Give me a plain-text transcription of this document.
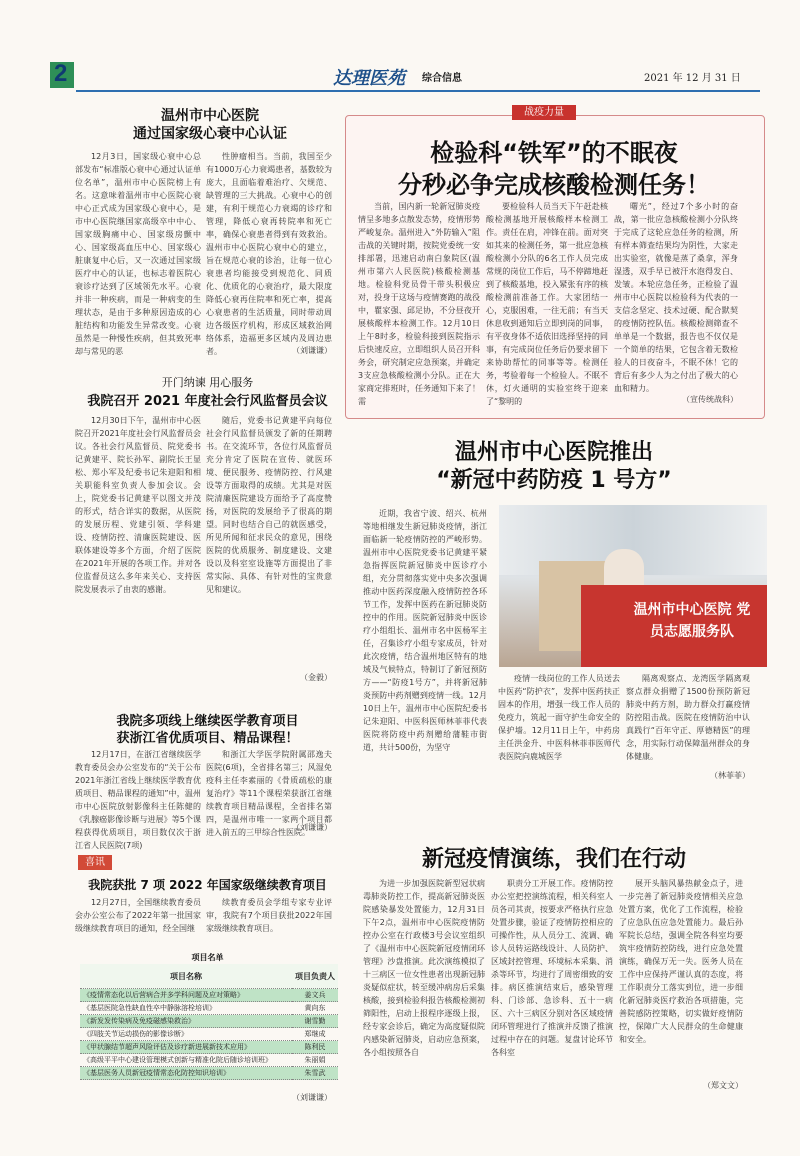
2	达理医苑 综合信息	2021 年 12 月 31 日
温州市中心医院
通过国家级心衰中心认证

12月3日，国家级心衰中心总部发布“标准版心衰中心通过认证单位名单”，温州市中心医院榜上有名。这意味着温州市中心医院心衰中心正式成为国家级心衰中心，是市中心医院继国家高级卒中中心、国家级胸痛中心、国家级房颤中心、国家级高血压中心、国家级心脏康复中心后，又一次通过国家级医疗中心的认证，也标志着医院心衰诊疗达到了区域领先水平。心衰并非一种疾病，而是一种病变的生理状态，是由于多种原因造成的心脏结构和功能发生异常改变。心衰虽然是一种慢性疾病，但其致死率却与常见的恶

性肿瘤相当。当前，我国至少有1000万心力衰竭患者，基数较为庞大，且面临着难治疗、欠规范、缺管理的三大挑战。心衰中心的创建，有利于规范心力衰竭的诊疗和管理，降低心衰再转院率和死亡率，确保心衰患者得到有效救治。温州市中心医院心衰中心的建立，旨在规范心衰的诊治，让每一位心衰患者均能接受到规范化、同质化、优质化的心衰治疗，最大限度降低心衰再住院率和死亡率，提高心衰患者的生活质量，同时带动周边各级医疗机构，形成区域救治网络体系，造福更多区域内及周边患者。	（刘谦谦）
开门纳谏 用心服务
我院召开 2021 年度社会行风监督员会议

12月30日下午，温州市中心医院召开2021年度社会行风监督员会议。各社会行风监督员、院党委书记黄建平、院长孙军、副院长王显松、郑小军及纪委书记朱迎阳和相关职能科室负责人参加会议。会上，院党委书记黄建平以图文并茂的形式，结合详实的数据，从医院的发展历程、党建引领、学科建设、疫情防控、清廉医院建设、医联体建设等多个方面，介绍了医院在2021年开展的各项工作。并对各位监督员这么多年来关心、支持医院发展表示了由衷的感谢。

随后，党委书记黄建平向每位社会行风监督员颁发了新的任期聘书。在交流环节，各位行风监督员充分肯定了医院在宣传、就医环境、便民服务、疫情防控、行风建设等方面取得的成绩。尤其是对医院清廉医院建设方面给予了高度赞扬，对医院的发展给予了很高的期望。同时也结合自己的就医感受，所见所闻和征求民众的意见，围绕医院的优质服务、制度建设、文建设以及科室室设施等方面提出了非常实际、具体、有针对性的宝贵意见和建议。

（金毅）
我院多项线上继续医学教育项目
获浙江省优质项目、精品课程！

12月17日，在浙江省继续医学教育委员会办公室发布的“关于公布2021年浙江省线上继续医学教育优质项目、精品课程的通知”中，温州市中心医院放射影像科主任陈健的《乳腺癌影像诊断与进展》等5个课程获得优质项目，项目数仅次于浙江省人民医院(7项)

和浙江大学医学院附属邵逸夫医院(6项)，全省排名第三；风湿免疫科主任李素丽的《骨质疏松的康复治疗》等11个课程荣获浙江省继续教育项目精品课程，全省排名第四，是温州市唯一一家两个项目都进入前五的三甲综合性医院。

（刘谦谦）
喜讯
我院获批 7 项 2022 年国家级继续教育项目

12月27日，全国继续教育委员会办公室公布了2022年第一批国家级继续教育项目的通知，经全国继

续教育委员会学组专家专业评审，我院有7个项目获批2022年国家级继续教育项目。

项目名单
项目名称	项目负责人
《疫情常态化以后营病合并多学科问题及应对策略》	姜文兵
《基层医院急性缺血性卒中静脉溶栓培训》	黄向东
《新发发传染病及免疫磁感染救治》	谢雪勤
《四肢关节运动损伤的影像诊断》	郑继成
《甲状腺结节超声风险评估及诊疗新进展新技术应用》	陈利民
《高级平平中心建设管理模式创新与精准化院后随诊培训班》	朱丽娟
《基层医务人员新冠疫情常态化防控知识培训》	朱雪武
（刘谦谦）
战疫力量
检验科“铁军”的不眠夜
分秒必争完成核酸检测任务！

当前，国内新一轮新冠肺炎疫情呈多地多点散发态势，疫情形势严峻复杂。温州进入“外防输入”阻击战的关键时期，按院党委统一安排部署，迅速启动南白象院区(温州市第六人民医院)核酸检测基地。检验科党员骨干带头积极应对，投身于这场与疫情赛跑的战役中，瞿家强、邱足协，不分昼夜开展核酸样本检测工作。12月10日上午8时多，检验科接到医院指示后快速反应，立即组织人员召开科务会，研究制定应急预案，并确定3支应急核酸检测小分队。正在大家商定排班时，任务通知下来了！需

要检验科人员当天下午赶赴核酸检测基地开展核酸样本检测工作。责任在肩，冲锋在前。面对突如其来的检测任务，第一批应急核酸检测小分队的6名工作人员完成常规的岗位工作后，马不停蹄地赶到了核酸基地，投入紧张有序的核酸检测前准备工作。大家团结一心，克服困难，一往无前；有当天休息收到通知后立即到岗的同事，有平夜身体不适依旧选择坚持的同事，有完成岗位任务后仍要求留下来协助帮忙的同事等等。检测任务，考验着每一个检验人。不眠不休，灯火通明的实验室终于迎来了“黎明的

曙光”，经过7个多小时的奋战，第一批应急核酸检测小分队终于完成了这轮应急任务的检测，所有样本筛查结果均为阴性，大家走出实验室，就像是蒸了桑拿，浑身湿透，双手早已被汗水泡得发白、发皱。本轮应急任务，正检验了温州市中心医院以检验科为代表的一支信念坚定、技术过硬、配合默契的疫情防控队伍。核酸检测筛查不单单是一个数据，报告也不仅仅是一个简单的结果，它包含着无数检验人的日夜奋斗，不眠不休！它的背后有多少人为之付出了极大的心血和精力。

（宣传统战科）
温州市中心医院推出
“新冠中药防疫 1 号方”

近期，我省宁波、绍兴、杭州等地相继发生新冠肺炎疫情，浙江面临新一轮疫情防控的严峻形势。温州市中心医院党委书记黄建平紧急指挥医院新冠肺炎中医诊疗小组，充分贯彻落实党中央多次强调推动中医药深度融入疫情防控各环节工作，发挥中医药在新冠肺炎防控中的作用。医院新冠肺炎中医诊疗小组组长、温州市名中医杨军主任，召集诊疗小组专家成员，针对此次疫情，结合温州地区特有的地域及气候特点，特制订了新冠预防方——“防疫1号方”，并将新冠肺炎预防中药剂赠到疫情一线。12月10日上午，温州市中心医院纪委书记朱迎阳、中医科医师林菲菲代表医院将防疫中药剂赠给蒲鞋市街道，共计500份，为坚守

温州市中心医院 党员志愿服务队

疫情一线岗位的工作人员送去中医药“防护衣”，发挥中医药扶正固本的作用，增强一线工作人员的免疫力，筑起一面守护生命安全的保护墙。12月11日上午，中药房主任洪金升、中医科林菲菲医师代表医院向鹿城医学

隔离观察点、龙湾医学隔离观察点群众捐赠了1500份预防新冠肺炎中药方剂，助力群众打赢疫情防控阻击战。医院在疫情防治中认真践行“百年守正、厚德精医”的理念，用实际行动保障温州群众的身体健康。

（林菲菲）
新冠疫情演练，我们在行动

为进一步加强医院新型冠状病毒肺炎防控工作，提高新冠肺炎医院感染暴发处置能力，12月31日下午2点，温州市中心医院疫情防控办公室在行政楼3号会议室组织了《温州市中心医院新冠疫情闭环管理》沙盘推演。此次演练模拟了十三病区一位女性患者出现新冠肺炎疑似症状，转至缓冲病房后采集核酸，接到检验科报告核酸检测初筛阳性，启动上报程序逐级上报，经专家会诊后，确定为高度疑似院内感染新冠肺炎，启动应急预案，各小组按照各自

职责分工开展工作。疫情防控办公室把控演练流程，相关科室人员各司其责，按要求严格执行应急处置步骤，验证了疫情防控相应的可操作性，从人员分工、流调、确诊人员转运路线设计、人员防护、区域封控管理、环境标本采集、消杀等环节，均进行了周密细致的安排。病区推演结束后，感染管理科、门诊部、急诊科、五十一病区、六十三病区分别对各区域疫情闭环管理进行了推演并反馈了推演过程中存在的问题。复盘讨论环节各科室

展开头脑风暴热献金点子，进一步完善了新冠肺炎疫情相关应急处置方案，优化了工作流程，检验了应急队伍应急处置能力。最后孙军院长总结，强调全院各科室均要筑牢疫情防控防线，进行应急处置演练，确保万无一失。医务人员在工作中应保持严谨认真的态度，将工作职责分工落实到位，进一步细化新冠肺炎医疗救治各项措施，完善院感防控策略，切实做好疫情防控，保障广大人民群众的生命健康和安全。

（郑文文）
